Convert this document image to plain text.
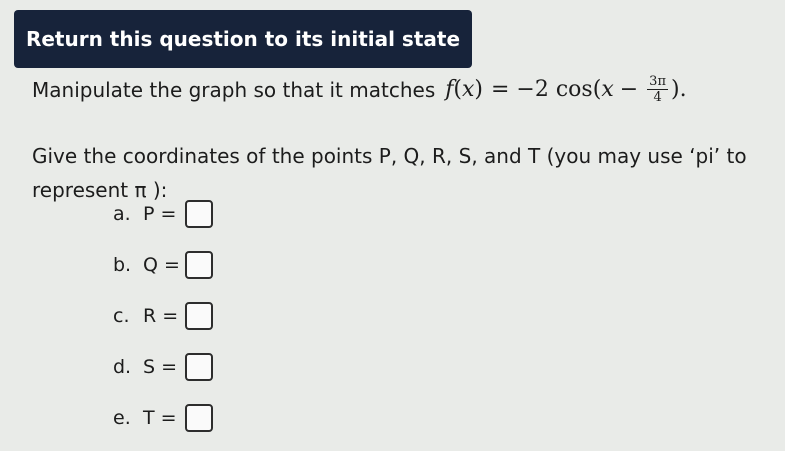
Return this question to its initial state
Manipulate the graph so that it matches f ( x ) = −2 cos ( $x - \frac{3\pi}{4}$ ).
Give the coordinates of the points P, Q, R, S, and T (you may use ‘pi’ to represent π ):
a. P =
b. Q =
c. R =
d. S =
e. T =
